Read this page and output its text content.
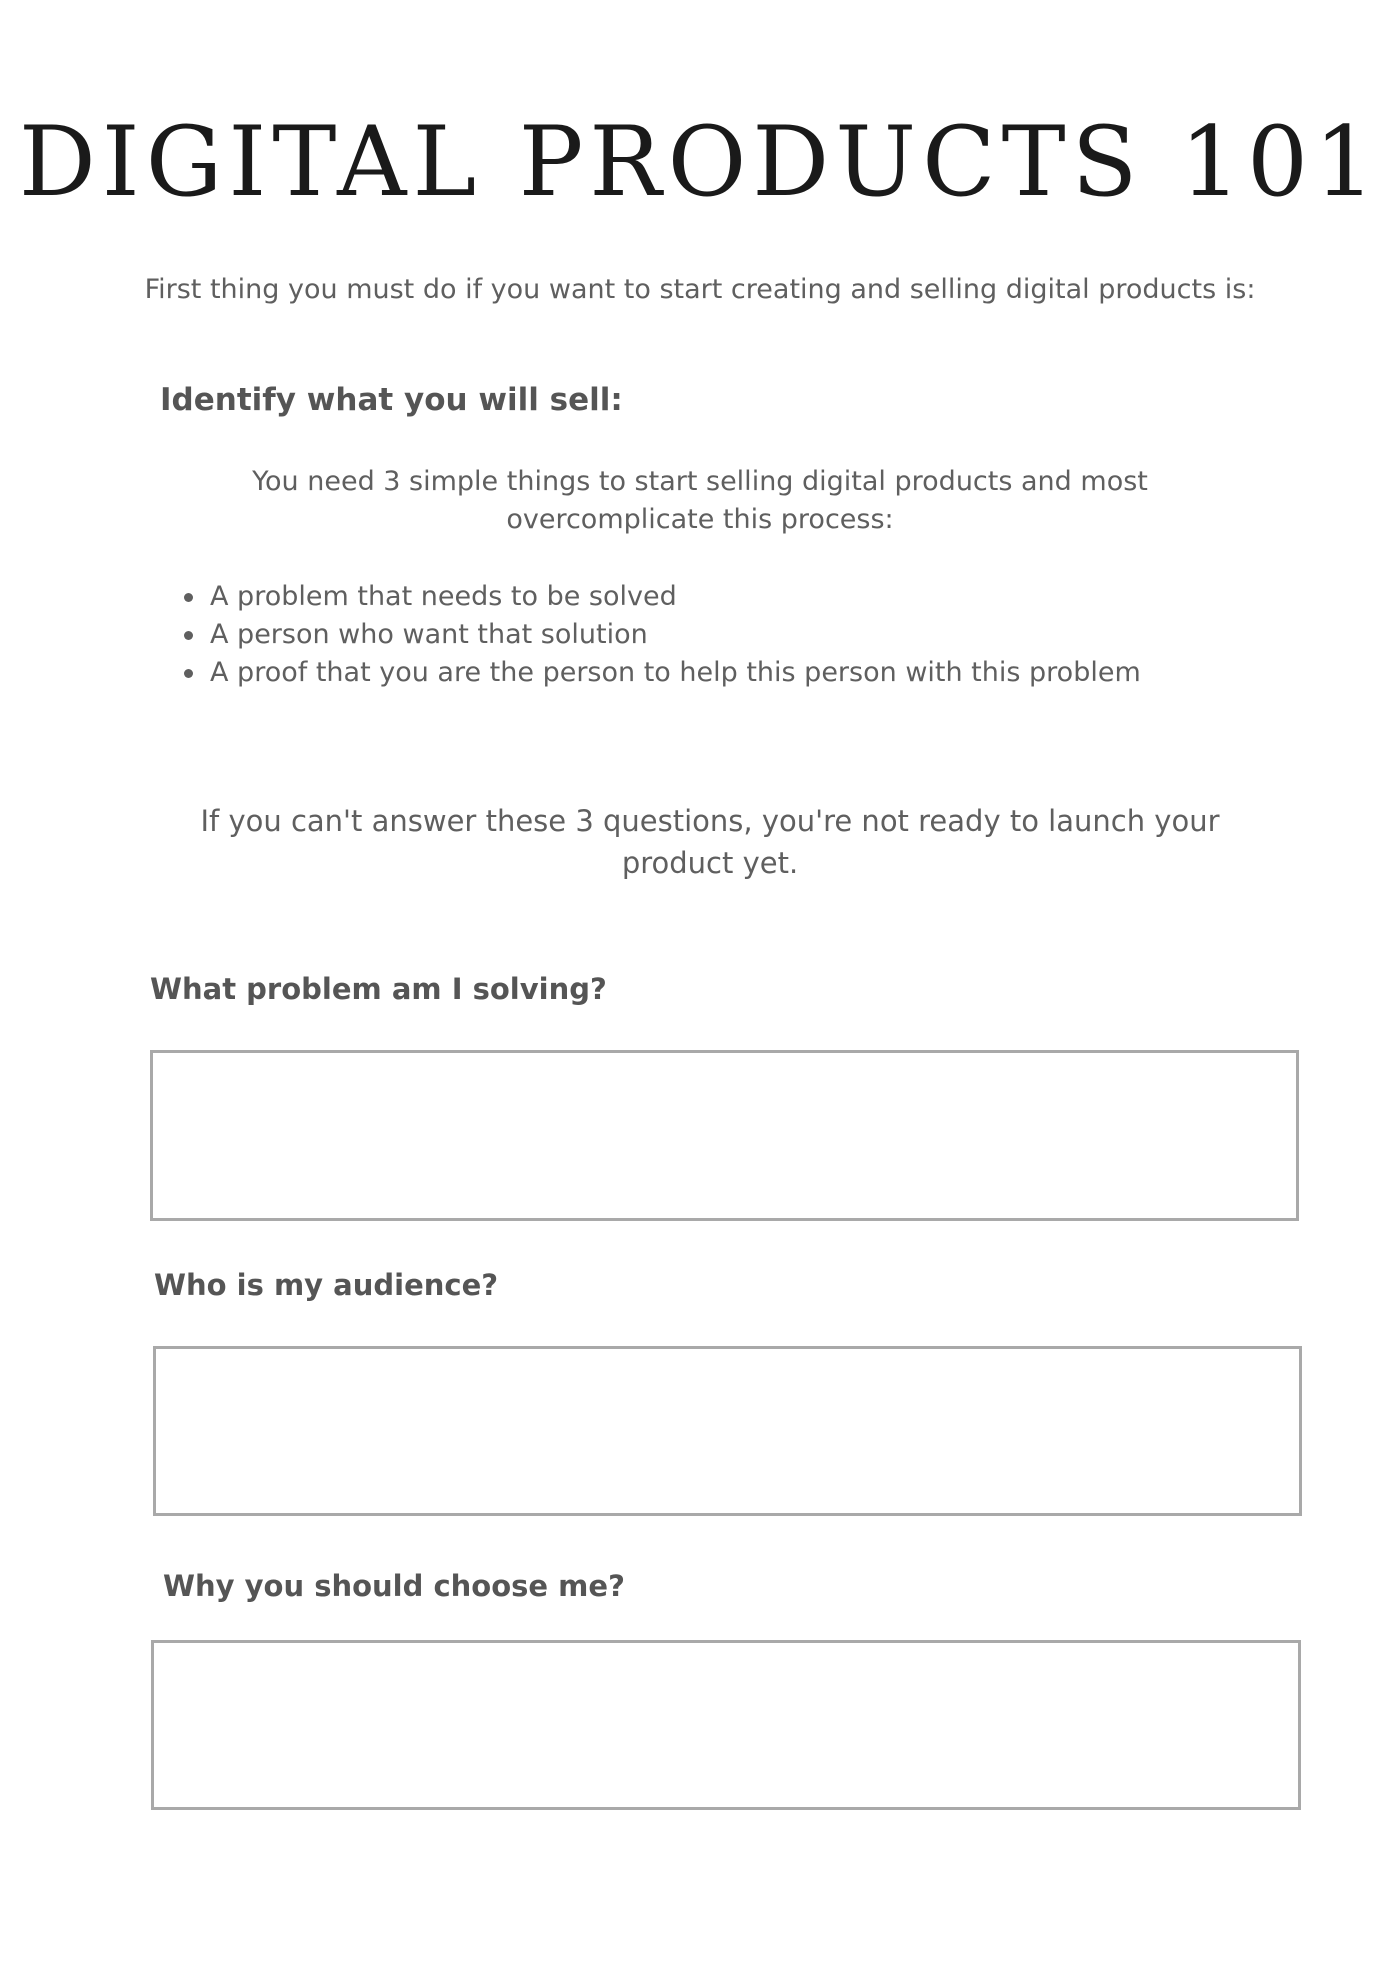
DIGITAL PRODUCTS 101

First thing you must do if you want to start creating and selling digital products is:

Identify what you will sell:

You need 3 simple things to start selling digital products and most
overcomplicate this process:

A problem that needs to be solved
A person who want that solution
A proof that you are the person to help this person with this problem

If you can't answer these 3 questions, you're not ready to launch your
product yet.

What problem am I solving?
Who is my audience?
Why you should choose me?
